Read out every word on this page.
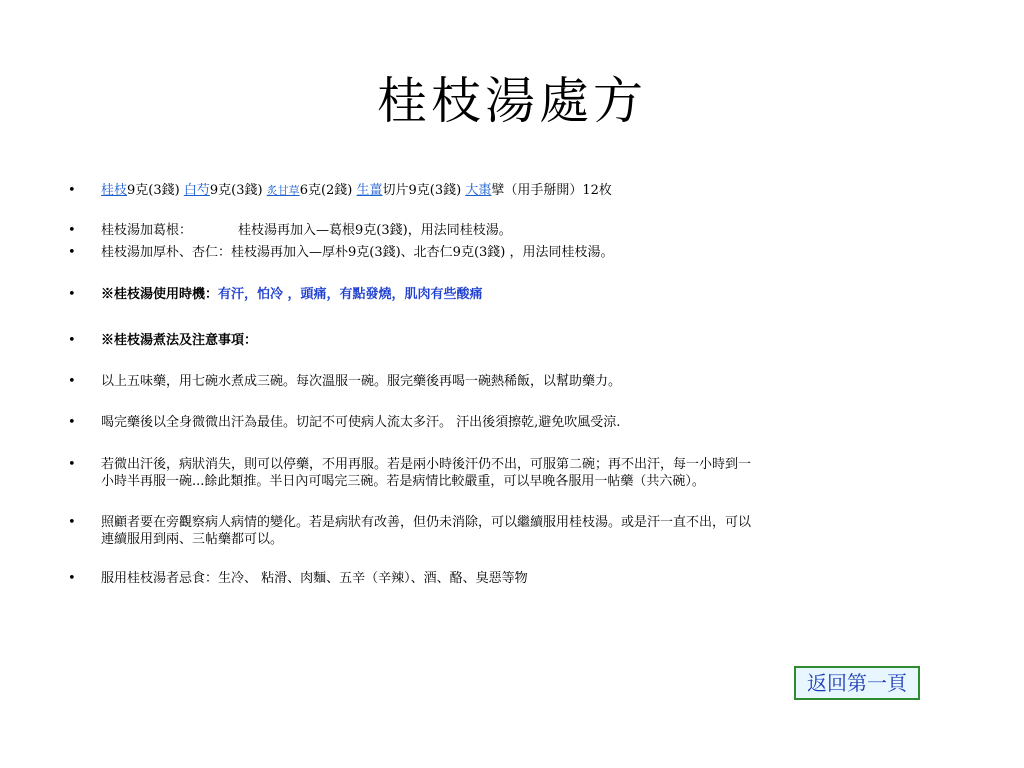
桂枝湯處方
•	桂枝9克(3錢) 白芍9克(3錢) 炙甘草6克(2錢) 生薑切片9克(3錢) 大棗擘（用手掰開）12枚
•	桂枝湯加葛根：	桂枝湯再加入—葛根9克(3錢)，用法同桂枝湯。
•	桂枝湯加厚朴、杏仁：桂枝湯再加入—厚朴9克(3錢)、北杏仁9克(3錢) ，用法同桂枝湯。
•	※桂枝湯使用時機：有汗，怕冷 ，頭痛，有點發燒，肌肉有些酸痛
•	※桂枝湯煮法及注意事項：
•	以上五味藥，用七碗水煮成三碗。每次溫服一碗。服完藥後再喝一碗熱稀飯，以幫助藥力。
•	喝完藥後以全身微微出汗為最佳。切記不可使病人流太多汗。 汗出後須擦乾,避免吹風受涼.
•	若微出汗後，病狀消失，則可以停藥，不用再服。若是兩小時後汗仍不出，可服第二碗；再不出汗，每一小時到一
小時半再服一碗...餘此類推。半日內可喝完三碗。若是病情比較嚴重，可以早晚各服用一帖藥（共六碗）。
•	照顧者要在旁觀察病人病情的變化。若是病狀有改善，但仍未消除，可以繼續服用桂枝湯。或是汗一直不出，可以
連續服用到兩、三帖藥都可以。
•	服用桂枝湯者忌食：生冷、 粘滑、肉麵、五辛（辛辣）、酒、酪、臭惡等物
返回第一頁
